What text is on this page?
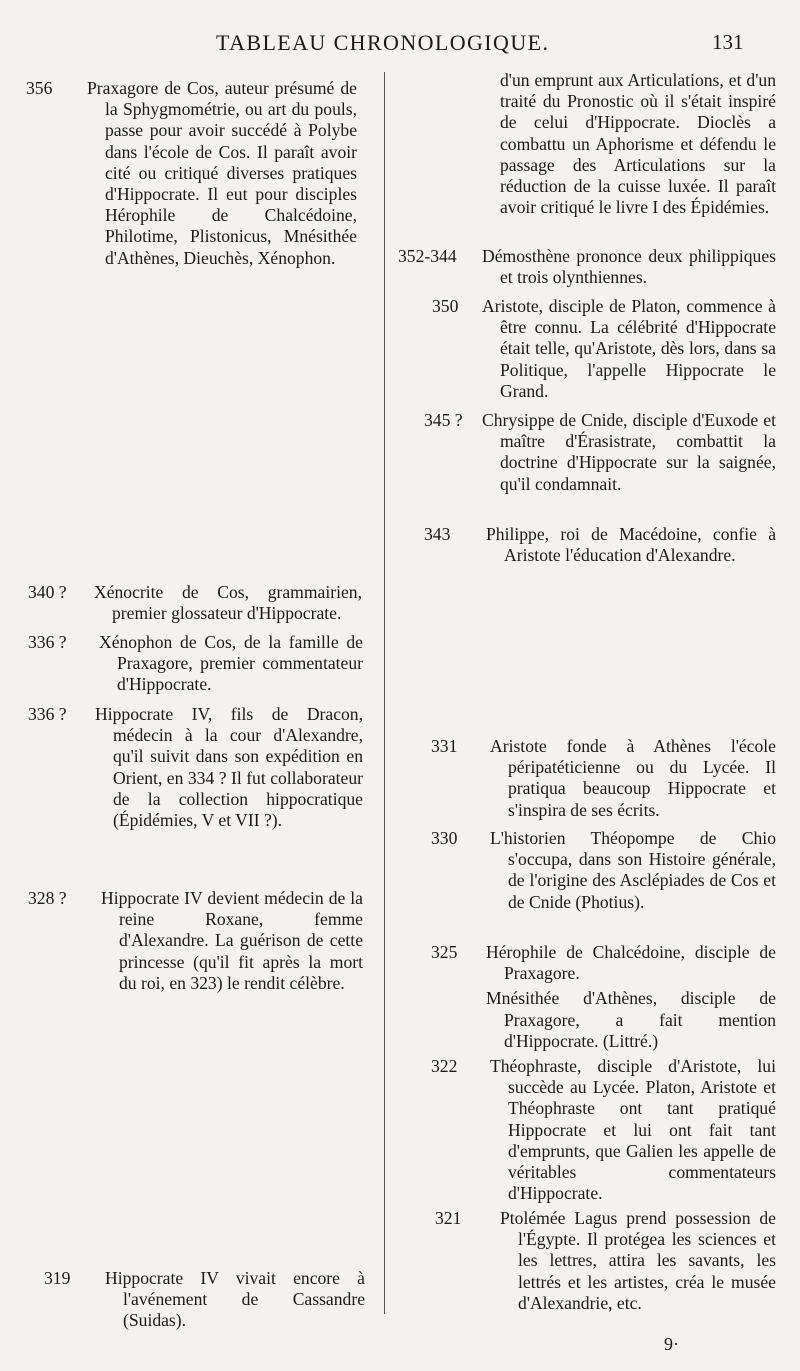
TABLEAU CHRONOLOGIQUE.	131
356 Praxagore de Cos, auteur présumé de la Sphygmométrie, ou art du pouls, passe pour avoir succédé à Polybe dans l'école de Cos. Il paraît avoir cité ou critiqué diverses pratiques d'Hippocrate. Il eut pour disciples Hérophile de Chalcédoine, Philotime, Plistonicus, Mnésithée d'Athènes, Dieuchès, Xénophon.

340 ? Xénocrite de Cos, grammairien, premier glossateur d'Hippocrate.

336 ? Xénophon de Cos, de la famille de Praxagore, premier commentateur d'Hippocrate.

336 ? Hippocrate IV, fils de Dracon, médecin à la cour d'Alexandre, qu'il suivit dans son expédition en Orient, en 334 ? Il fut collaborateur de la collection hippocratique (Épidémies, V et VII ?).

328 ? Hippocrate IV devient médecin de la reine Roxane, femme d'Alexandre. La guérison de cette princesse (qu'il fit après la mort du roi, en 323) le rendit célèbre.

319 Hippocrate IV vivait encore à l'avénement de Cassandre (Suidas).

d'un emprunt aux Articulations, et d'un traité du Pronostic où il s'était inspiré de celui d'Hippocrate. Dioclès a combattu un Aphorisme et défendu le passage des Articulations sur la réduction de la cuisse luxée. Il paraît avoir critiqué le livre I des Épidémies.

352-344 Démosthène prononce deux philippiques et trois olynthiennes.

350 Aristote, disciple de Platon, commence à être connu. La célébrité d'Hippocrate était telle, qu'Aristote, dès lors, dans sa Politique, l'appelle Hippocrate le Grand.

345 ? Chrysippe de Cnide, disciple d'Euxode et maître d'Érasistrate, combattit la doctrine d'Hippocrate sur la saignée, qu'il condamnait.

343 Philippe, roi de Macédoine, confie à Aristote l'éducation d'Alexandre.

331 Aristote fonde à Athènes l'école péripatéticienne ou du Lycée. Il pratiqua beaucoup Hippocrate et s'inspira de ses écrits.

330 L'historien Théopompe de Chio s'occupa, dans son Histoire générale, de l'origine des Asclépiades de Cos et de Cnide (Photius).

325 Hérophile de Chalcédoine, disciple de Praxagore.

Mnésithée d'Athènes, disciple de Praxagore, a fait mention d'Hippocrate. (Littré.)

322 Théophraste, disciple d'Aristote, lui succède au Lycée. Platon, Aristote et Théophraste ont tant pratiqué Hippocrate et lui ont fait tant d'emprunts, que Galien les appelle de véritables commentateurs d'Hippocrate.

321 Ptolémée Lagus prend possession de l'Égypte. Il protégea les sciences et les lettres, attira les savants, les lettrés et les artistes, créa le musée d'Alexandrie, etc.

9·
